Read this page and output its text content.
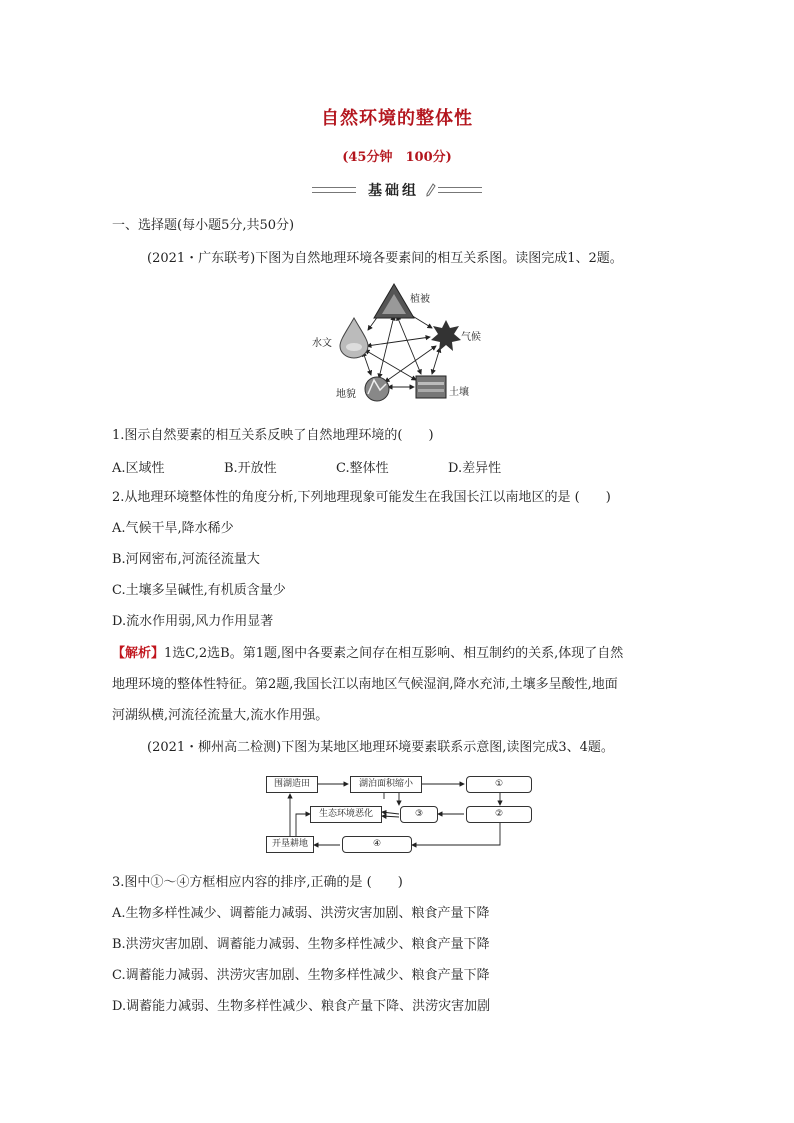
自然环境的整体性
(45分钟　100分)
基础组
一、选择题(每小题5分,共50分)
(2021・广东联考)下图为自然地理环境各要素间的相互关系图。读图完成1、2题。
植被
气候
水文
地貌	土壤
1.图示自然要素的相互关系反映了自然地理环境的(　　)
A.区域性	B.开放性	C.整体性	D.差异性
2.从地理环境整体性的角度分析,下列地理现象可能发生在我国长江以南地区的是 (　　)
A.气候干旱,降水稀少
B.河网密布,河流径流量大
C.土壤多呈碱性,有机质含量少
D.流水作用弱,风力作用显著
【解析】1选C,2选B。第1题,图中各要素之间存在相互影响、相互制约的关系,体现了自然
地理环境的整体性特征。第2题,我国长江以南地区气候湿润,降水充沛,土壤多呈酸性,地面
河湖纵横,河流径流量大,流水作用强。
(2021・柳州高二检测)下图为某地区地理环境要素联系示意图,读图完成3、4题。
围湖造田	湖泊面积缩小	①
生态环境恶化	③	②
开垦耕地	④
3.图中①～④方框相应内容的排序,正确的是 (　　)
A.生物多样性减少、调蓄能力减弱、洪涝灾害加剧、粮食产量下降
B.洪涝灾害加剧、调蓄能力减弱、生物多样性减少、粮食产量下降
C.调蓄能力减弱、洪涝灾害加剧、生物多样性减少、粮食产量下降
D.调蓄能力减弱、生物多样性减少、粮食产量下降、洪涝灾害加剧
